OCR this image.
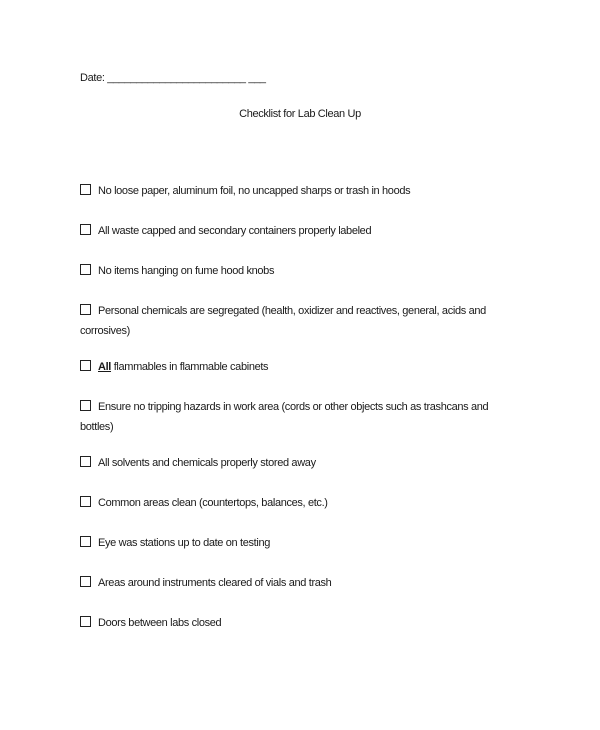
Date: ________________________ ___
Checklist for Lab Clean Up
No loose paper, aluminum foil, no uncapped sharps or trash in hoods
All waste capped and secondary containers properly labeled
No items hanging on fume hood knobs
Personal chemicals are segregated (health, oxidizer and reactives, general, acids and
corrosives)
All flammables in flammable cabinets
Ensure no tripping hazards in work area (cords or other objects such as trashcans and
bottles)
All solvents and chemicals properly stored away
Common areas clean (countertops, balances, etc.)
Eye was stations up to date on testing
Areas around instruments cleared of vials and trash
Doors between labs closed
